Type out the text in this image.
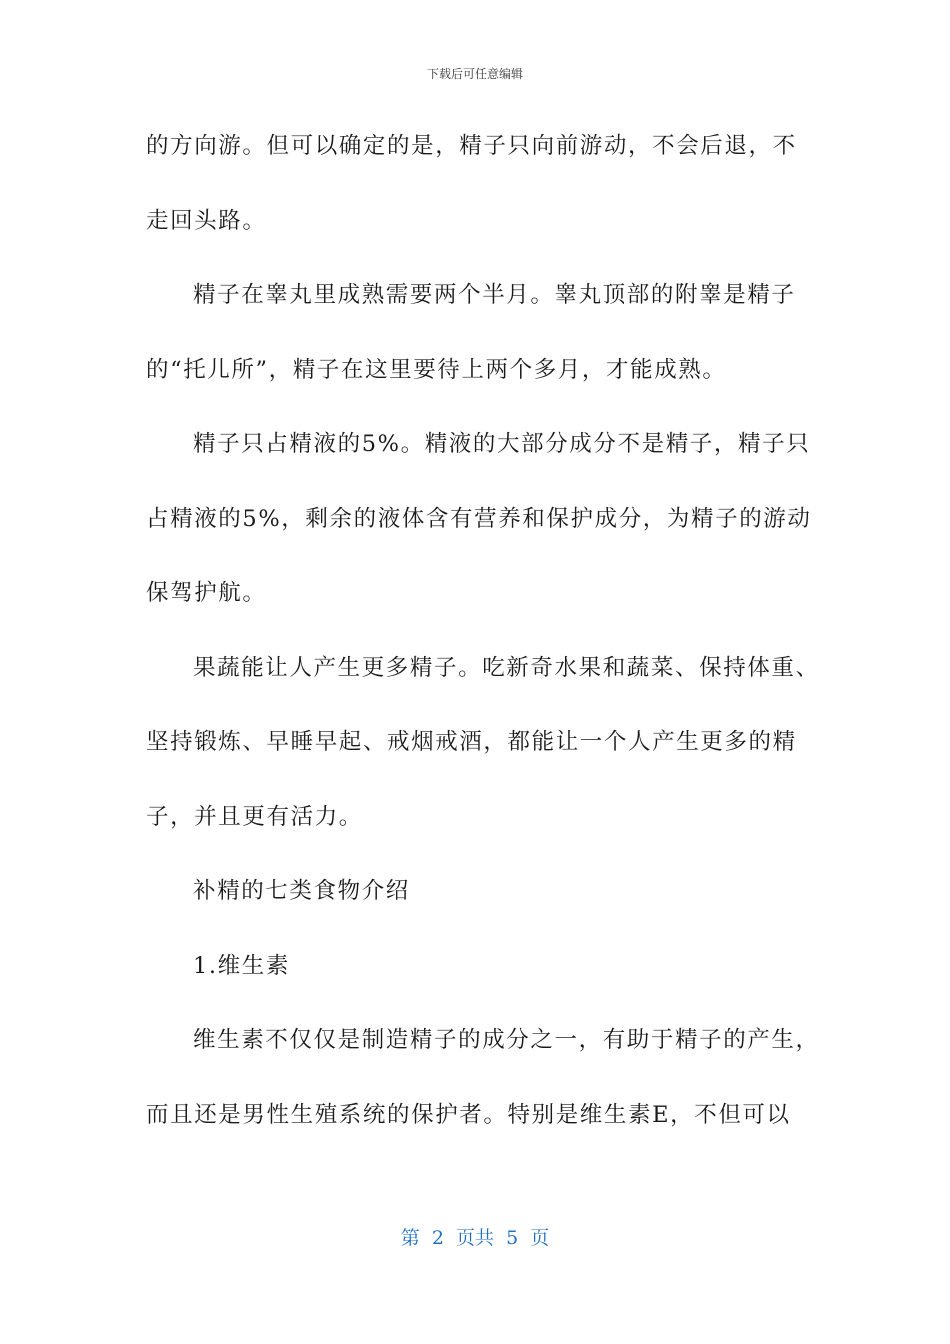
下载后可任意编辑
的方向游。但可以确定的是，精子只向前游动，不会后退，不
走回头路。
精子在睾丸里成熟需要两个半月。睾丸顶部的附睾是精子
的“托儿所”，精子在这里要待上两个多月，才能成熟。
精子只占精液的5%。精液的大部分成分不是精子，精子只
占精液的5%，剩余的液体含有营养和保护成分，为精子的游动
保驾护航。
果蔬能让人产生更多精子。吃新奇水果和蔬菜、保持体重、
坚持锻炼、早睡早起、戒烟戒酒，都能让一个人产生更多的精
子，并且更有活力。
补精的七类食物介绍
1.维生素
维生素不仅仅是制造精子的成分之一，有助于精子的产生，
而且还是男性生殖系统的保护者。特别是维生素E，不但可以
第  2  页共  5  页
